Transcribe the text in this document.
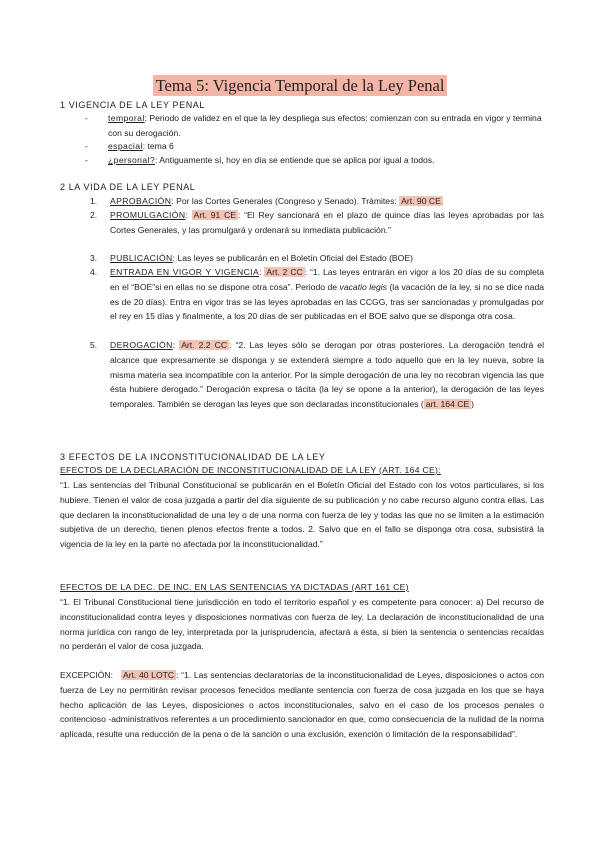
Tema 5: Vigencia Temporal de la Ley Penal
1 VIGENCIA DE LA LEY PENAL
- temporal: Periodo de validez en el que la ley despliega sus efectos: comienzan con su entrada en vigor y termina con su derogación.
- espacial: tema 6
- ¿personal?: Antiguamente sí, hoy en día se entiende que se aplica por igual a todos.
2 LA VIDA DE LA LEY PENAL
1. APROBACIÓN: Por las Cortes Generales (Congreso y Senado). Trámites: Art. 90 CE
2. PROMULGACIÓN: Art. 91 CE : “El Rey sancionará en el plazo de quince días las leyes aprobadas por las Cortes Generales, y las promulgará y ordenará su inmediata publicación.”
3. PUBLICACIÓN: Las leyes se publicarán en el Boletín Oficial del Estado (BOE)
4. ENTRADA EN VIGOR Y VIGENCIA: Art. 2 CC : “1. Las leyes entrarán en vigor a los 20 días de su completa en el “BOE”si en ellas no se dispone otra cosa”. Periodo de vacatio legis (la vacación de la ley, si no se dice nada es de 20 días). Entra en vigor tras se las leyes aprobadas en las CCGG, tras ser sancionadas y promulgadas por el rey en 15 días y finalmente, a los 20 días de ser publicadas en el BOE salvo que se disponga otra cosa.
5. DEROGACIÓN: Art. 2.2 CC : “2. Las leyes sólo se derogan por otras posteriores. La derogación tendrá el alcance que expresamente se disponga y se extenderá siempre a todo aquello que en la ley nueva, sobre la misma materia sea incompatible con la anterior. Por la simple derogación de una ley no recobran vigencia las que ésta hubiere derogado.” Derogación expresa o tácita (la ley se opone a la anterior), la derogación de las leyes temporales. También se derogan las leyes que son declaradas inconstitucionales ( art. 164 CE )
3 EFECTOS DE LA INCONSTITUCIONALIDAD DE LA LEY
EFECTOS DE LA DECLARACIÓN DE INCONSTITUCIONALIDAD DE LA LEY (ART. 164 CE):
“1. Las sentencias del Tribunal Constitucional se publicarán en el Boletín Oficial del Estado con los votos particulares, si los hubiere. Tienen el valor de cosa juzgada a partir del día siguiente de su publicación y no cabe recurso alguno contra ellas. Las que declaren la inconstitucionalidad de una ley o de una norma con fuerza de ley y todas las que no se limiten a la estimación subjetiva de un derecho, tienen plenos efectos frente a todos. 2. Salvo que en el fallo se disponga otra cosa, subsistirá la vigencia de la ley en la parte no afectada por la inconstitucionalidad.”
EFECTOS DE LA DEC. DE INC. EN LAS SENTENCIAS YA DICTADAS (ART 161 CE)
“1. El Tribunal Constitucional tiene jurisdicción en todo el territorio español y es competente para conocer: a) Del recurso de inconstitucionalidad contra leyes y disposiciones normativas con fuerza de ley. La declaración de inconstitucionalidad de una norma jurídica con rango de ley, interpretada por la jurisprudencia, afectará a ésta, si bien la sentencia o sentencias recaídas no perderán el valor de cosa juzgada.
EXCEPCIÓN:   Art. 40 LOTC : “1. Las sentencias declaratorias de la inconstitucionalidad de Leyes, disposiciones o actos con fuerza de Ley no permitirán revisar procesos fenecidos mediante sentencia con fuerza de cosa juzgada en los que se haya hecho aplicación de las Leyes, disposiciones o actos inconstitucionales, salvo en el caso de los procesos penales o contencioso -administrativos referentes a un procedimiento sancionador en que, como consecuencia de la nulidad de la norma aplicada, resulte una reducción de la pena o de la sanción o una exclusión, exención o limitación de la responsabilidad”.
